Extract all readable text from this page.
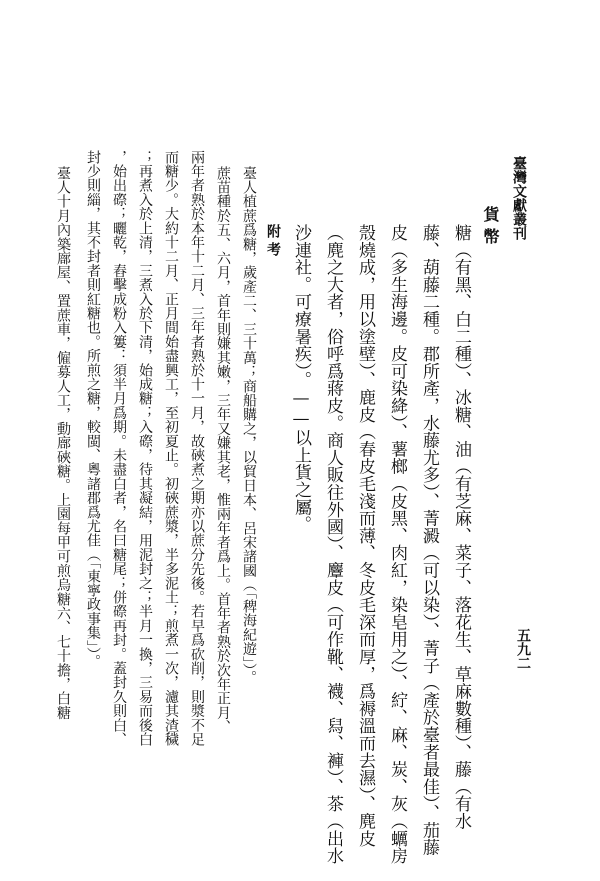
臺灣文獻叢刊
五九二
貨幣
糖（有黑、白二種）、冰糖、油（有芝麻、菜子、落花生、草麻數種）、藤（有水
藤、葫藤二種。郡所產，水藤尤多）、菁澱（可以染）、菁子（產於臺者最佳）、茄藤
皮（多生海邊。皮可染絳）、薯榔（皮黑、肉紅，染皂用之）、紵、麻、炭、灰（蠣房
殼燒成，用以塗壁）、鹿皮（春皮毛淺而薄、冬皮毛深而厚，爲褥溫而去濕）、麂皮
（麂之大者，俗呼爲蔣皮。商人販往外國）、麞皮（可作靴、襪、舄、褲）、茶（出水
附考
臺人植蔗爲糖，歲產二、三十萬；商船購之，以貿日本、呂宋諸國（「稗海紀遊」）。
蔗苗種於五、六月，首年則嫌其嫩，三年又嫌其老，惟兩年者爲上。首年者熟於次年正月、
兩年者熟於本年十二月、三年者熟於十一月，故硤煮之期亦以蔗分先後。若早爲砍削，則漿不足
而糖少。大約十二月、正月間始盡興工，至初夏止。初硤蔗漿，半多泥土；煎煮一次，濾其渣穢
；再煮入於上清，三煮入於下清，始成糖；入磜，待其凝結，用泥封之；半月一換，三易而後白
，始出磜；曬乾，舂擊成粉入簍：須半月爲期。未盡白者，名曰糖尾；併磜再封。蓋封久則白、
封少則緇，其不封者則紅糖也。所煎之糖，較閩、粵諸郡爲尤佳（「東寧政事集」）。
臺人十月內築廍屋、置蔗車，僱募人工，動廍硤糖。上園每甲可煎烏糖六、七十擔，白糖	沙連社。可療暑疾）。——以上貨之屬。
